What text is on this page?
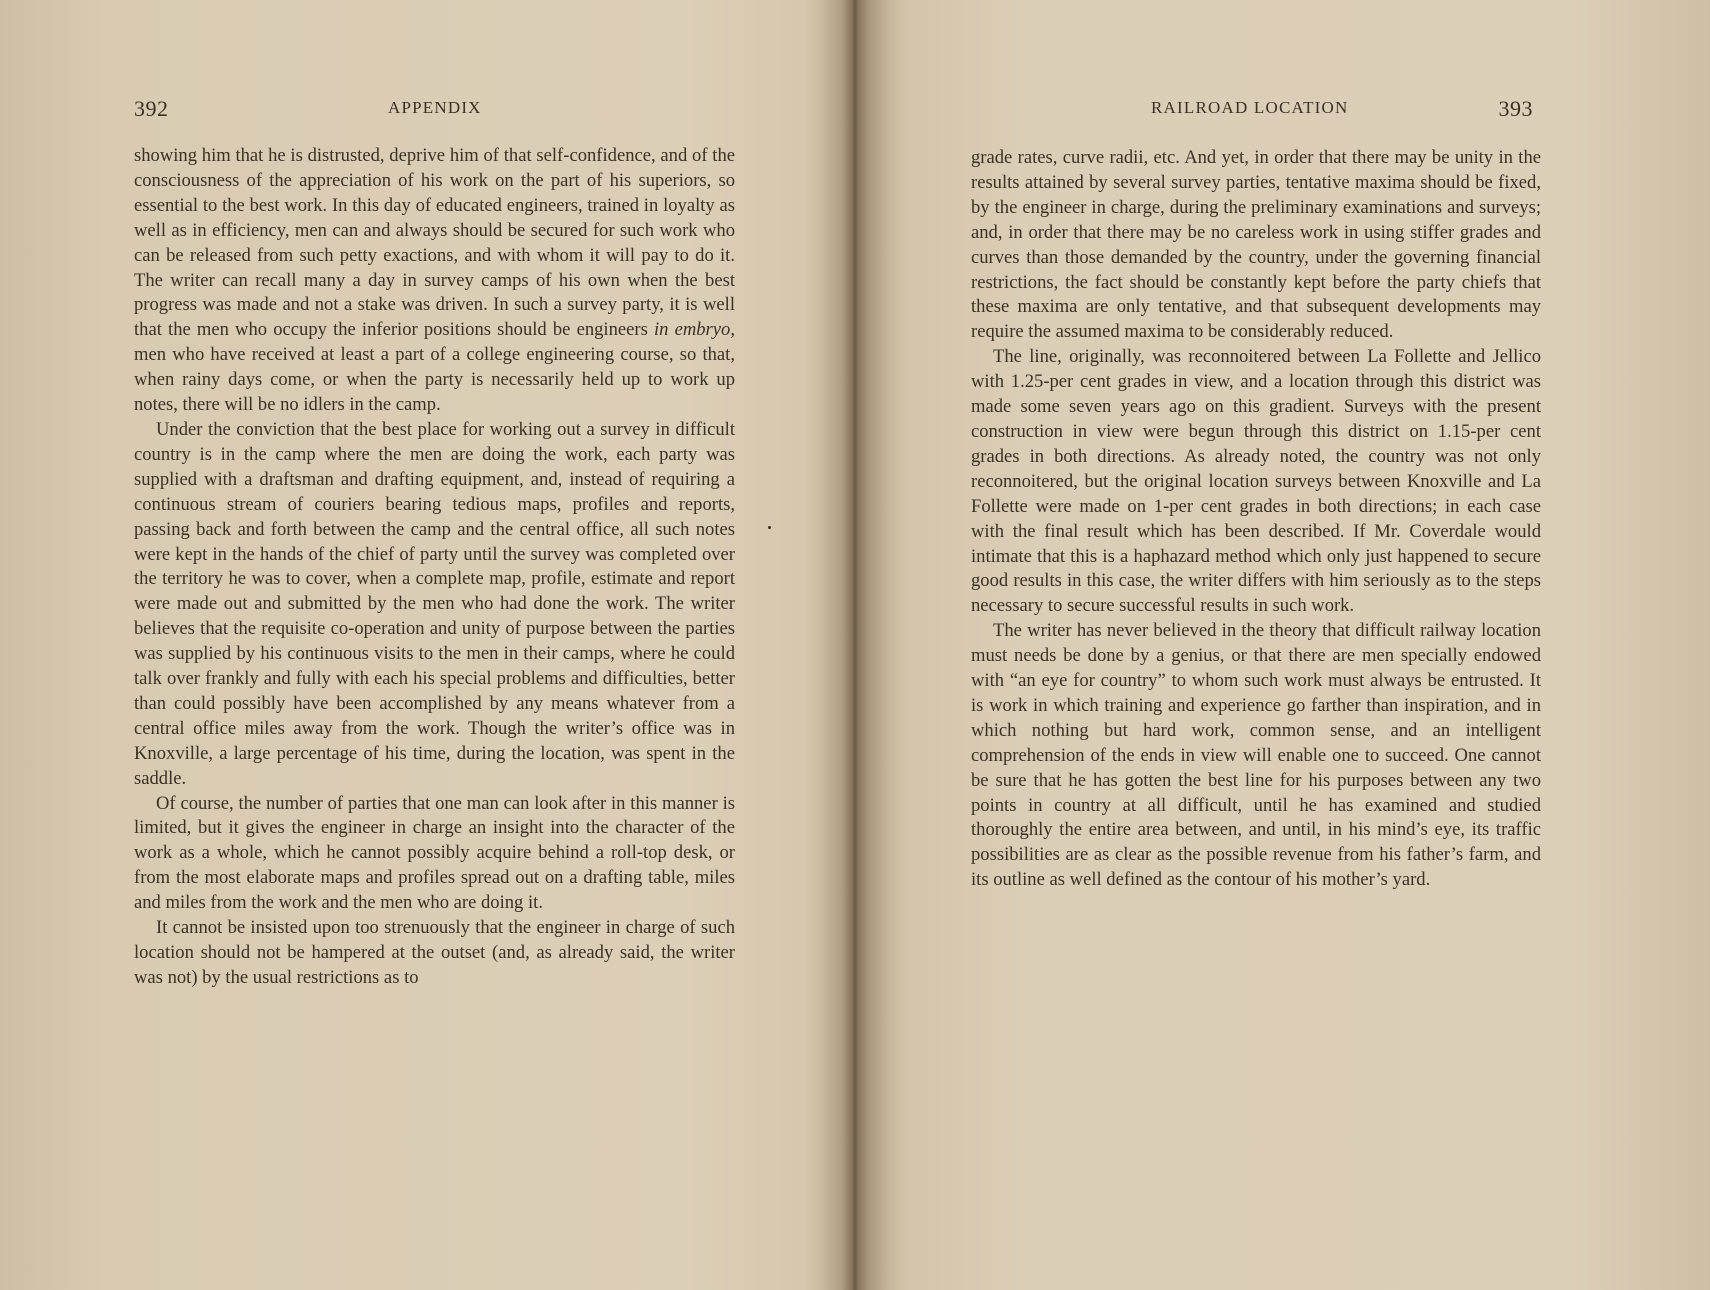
392	APPENDIX

showing him that he is distrusted, deprive him of that self-confidence, and of the consciousness of the appreciation of his work on the part of his superiors, so essential to the best work. In this day of educated engineers, trained in loyalty as well as in efficiency, men can and always should be secured for such work who can be released from such petty exactions, and with whom it will pay to do it. The writer can recall many a day in survey camps of his own when the best progress was made and not a stake was driven. In such a survey party, it is well that the men who occupy the inferior positions should be engineers in embryo, men who have received at least a part of a college engineering course, so that, when rainy days come, or when the party is necessarily held up to work up notes, there will be no idlers in the camp.

Under the conviction that the best place for working out a survey in difficult country is in the camp where the men are doing the work, each party was supplied with a draftsman and drafting equipment, and, instead of requiring a continuous stream of couriers bearing tedious maps, profiles and reports, passing back and forth between the camp and the central office, all such notes were kept in the hands of the chief of party until the survey was completed over the territory he was to cover, when a complete map, profile, estimate and report were made out and submitted by the men who had done the work. The writer believes that the requisite co-operation and unity of purpose between the parties was supplied by his continuous visits to the men in their camps, where he could talk over frankly and fully with each his special problems and difficulties, better than could possibly have been accomplished by any means whatever from a central office miles away from the work. Though the writer’s office was in Knoxville, a large percentage of his time, during the location, was spent in the saddle.

Of course, the number of parties that one man can look after in this manner is limited, but it gives the engineer in charge an insight into the character of the work as a whole, which he cannot possibly acquire behind a roll-top desk, or from the most elaborate maps and profiles spread out on a drafting table, miles and miles from the work and the men who are doing it.

It cannot be insisted upon too strenuously that the engineer in charge of such location should not be hampered at the outset (and, as already said, the writer was not) by the usual restrictions as to

RAILROAD LOCATION	393

grade rates, curve radii, etc. And yet, in order that there may be unity in the results attained by several survey parties, tentative maxima should be fixed, by the engineer in charge, during the preliminary examinations and surveys; and, in order that there may be no careless work in using stiffer grades and curves than those demanded by the country, under the governing financial restrictions, the fact should be constantly kept before the party chiefs that these maxima are only tentative, and that subsequent developments may require the assumed maxima to be considerably reduced.

The line, originally, was reconnoitered between La Follette and Jellico with 1.25-per cent grades in view, and a location through this district was made some seven years ago on this gradient. Surveys with the present construction in view were begun through this district on 1.15-per cent grades in both directions. As already noted, the country was not only reconnoitered, but the original location surveys between Knoxville and La Follette were made on 1-per cent grades in both directions; in each case with the final result which has been described. If Mr. Coverdale would intimate that this is a haphazard method which only just happened to secure good results in this case, the writer differs with him seriously as to the steps necessary to secure successful results in such work.

The writer has never believed in the theory that difficult railway location must needs be done by a genius, or that there are men specially endowed with “an eye for country” to whom such work must always be entrusted. It is work in which training and experience go farther than inspiration, and in which nothing but hard work, common sense, and an intelligent comprehension of the ends in view will enable one to succeed. One cannot be sure that he has gotten the best line for his purposes between any two points in country at all difficult, until he has examined and studied thoroughly the entire area between, and until, in his mind’s eye, its traffic possibilities are as clear as the possible revenue from his father’s farm, and its outline as well defined as the contour of his mother’s yard.
